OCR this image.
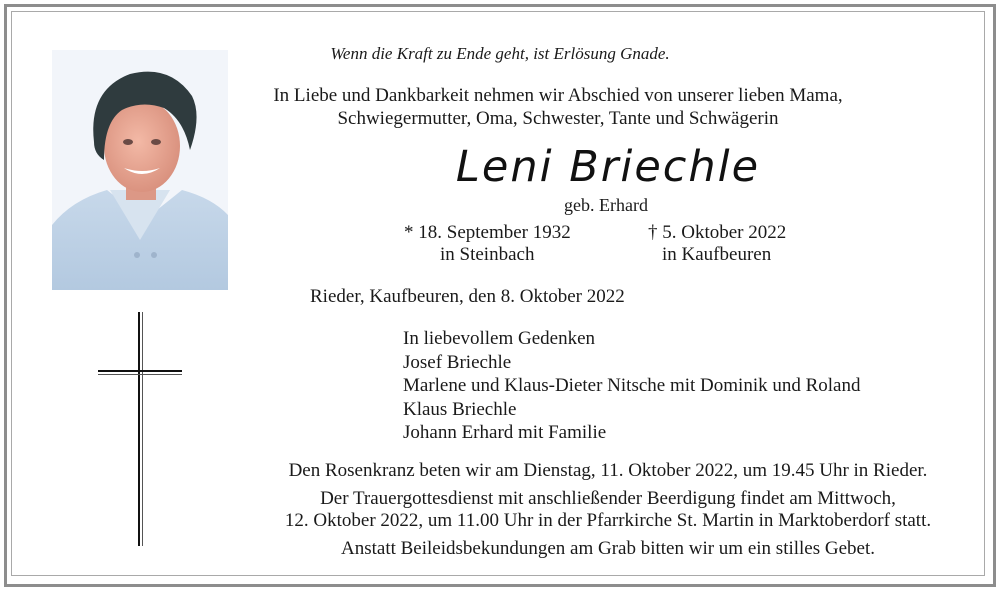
Wenn die Kraft zu Ende geht, ist Erlösung Gnade.
In Liebe und Dankbarkeit nehmen wir Abschied von unserer lieben Mama,
Schwiegermutter, Oma, Schwester, Tante und Schwägerin
Leni Briechle
geb. Erhard
* 18. September 1932
in Steinbach
† 5. Oktober 2022
in Kaufbeuren
Rieder, Kaufbeuren, den 8. Oktober 2022
In liebevollem Gedenken
Josef Briechle
Marlene und Klaus-Dieter Nitsche mit Dominik und Roland
Klaus Briechle
Johann Erhard mit Familie
Den Rosenkranz beten wir am Dienstag, 11. Oktober 2022, um 19.45 Uhr in Rieder.
Der Trauergottesdienst mit anschließender Beerdigung findet am Mittwoch,
12. Oktober 2022, um 11.00 Uhr in der Pfarrkirche St. Martin in Marktoberdorf statt.
Anstatt Beileidsbekundungen am Grab bitten wir um ein stilles Gebet.
